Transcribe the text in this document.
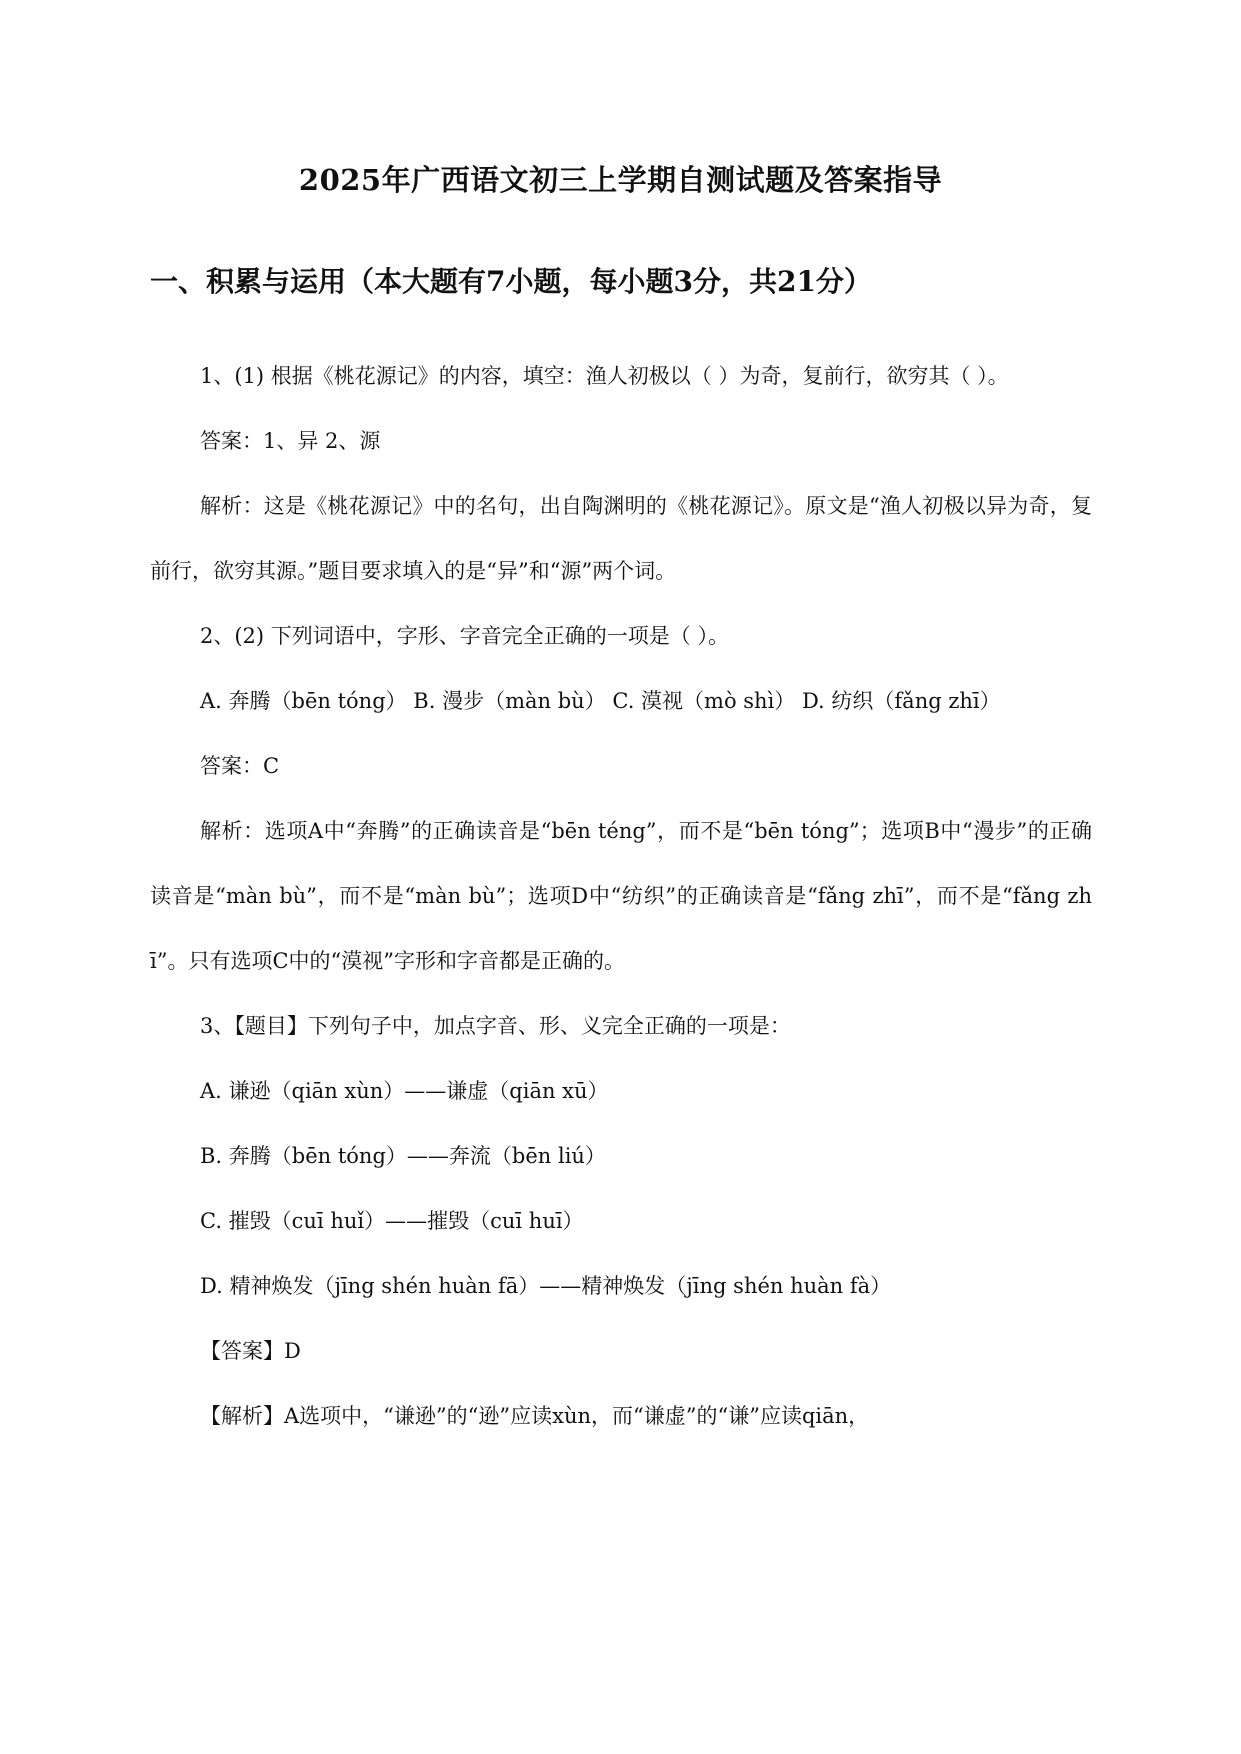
2025年广西语文初三上学期自测试题及答案指导
一、积累与运用（本大题有7小题，每小题3分，共21分）

1、(1) 根据《桃花源记》的内容，填空：渔人初极以（ ）为奇，复前行，欲穷其（ ）。

答案：1、异 2、源

解析：这是《桃花源记》中的名句，出自陶渊明的《桃花源记》。原文是“渔人初极以异为奇，复前行，欲穷其源。”题目要求填入的是“异”和“源”两个词。

2、(2) 下列词语中，字形、字音完全正确的一项是（ ）。

A. 奔腾（bēn tóng） B. 漫步（màn bù） C. 漠视（mò shì） D. 纺织（fǎng zhī）

答案：C

解析：选项A中“奔腾”的正确读音是“bēn téng”，而不是“bēn tóng”；选项B中“漫步”的正确读音是“màn bù”，而不是“màn bù”；选项D中“纺织”的正确读音是“fǎng zhī”，而不是“fǎng zhī”。只有选项C中的“漠视”字形和字音都是正确的。

3、【题目】下列句子中，加点字音、形、义完全正确的一项是：

A. 谦逊（qiān xùn）——谦虚（qiān xū）

B. 奔腾（bēn tóng）——奔流（bēn liú）

C. 摧毁（cuī huǐ）——摧毁（cuī huī）

D. 精神焕发（jīng shén huàn fā）——精神焕发（jīng shén huàn fà）

【答案】D

【解析】A选项中，“谦逊”的“逊”应读xùn，而“谦虚”的“谦”应读qiān，
